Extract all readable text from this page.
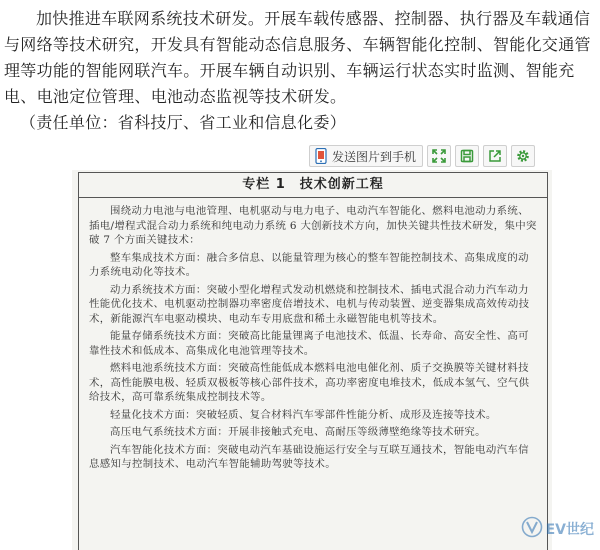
加快推进车联网系统技术研发。开展车载传感器、控制器、执行器及车载通信与网络等技术研究，开发具有智能动态信息服务、车辆智能化控制、智能化交通管理等功能的智能网联汽车。开展车辆自动识别、车辆运行状态实时监测、智能充电、电池定位管理、电池动态监视等技术研发。

（责任单位：省科技厅、省工业和信息化委）

发送图片到手机
专栏 1 技术创新工程

围绕动力电池与电池管理、电机驱动与电力电子、电动汽车智能化、燃料电池动力系统、插电/增程式混合动力系统和纯电动力系统 6 大创新技术方向，加快关键共性技术研发，集中突破 7 个方面关键技术：

整车集成技术方面：融合多信息、以能量管理为核心的整车智能控制技术、高集成度的动力系统电动化等技术。

动力系统技术方面：突破小型化增程式发动机燃烧和控制技术、插电式混合动力汽车动力性能优化技术、电机驱动控制器功率密度倍增技术、电机与传动装置、逆变器集成高效传动技术，新能源汽车电驱动模块、电动车专用底盘和稀土永磁智能电机等技术。

能量存储系统技术方面：突破高比能量锂离子电池技术、低温、长寿命、高安全性、高可靠性技术和低成本、高集成化电池管理等技术。

燃料电池系统技术方面：突破高性能低成本燃料电池电催化剂、质子交换膜等关键材料技术，高性能膜电极、轻质双极板等核心部件技术，高功率密度电堆技术，低成本氢气、空气供给技术，高可靠系统集成控制技术等。

轻量化技术方面：突破轻质、复合材料汽车零部件性能分析、成形及连接等技术。

高压电气系统技术方面：开展非接触式充电、高耐压等级薄壁绝缘等技术研究。

汽车智能化技术方面：突破电动汽车基础设施运行安全与互联互通技术，智能电动汽车信息感知与控制技术、电动汽车智能辅助驾驶等技术。

EV世纪
